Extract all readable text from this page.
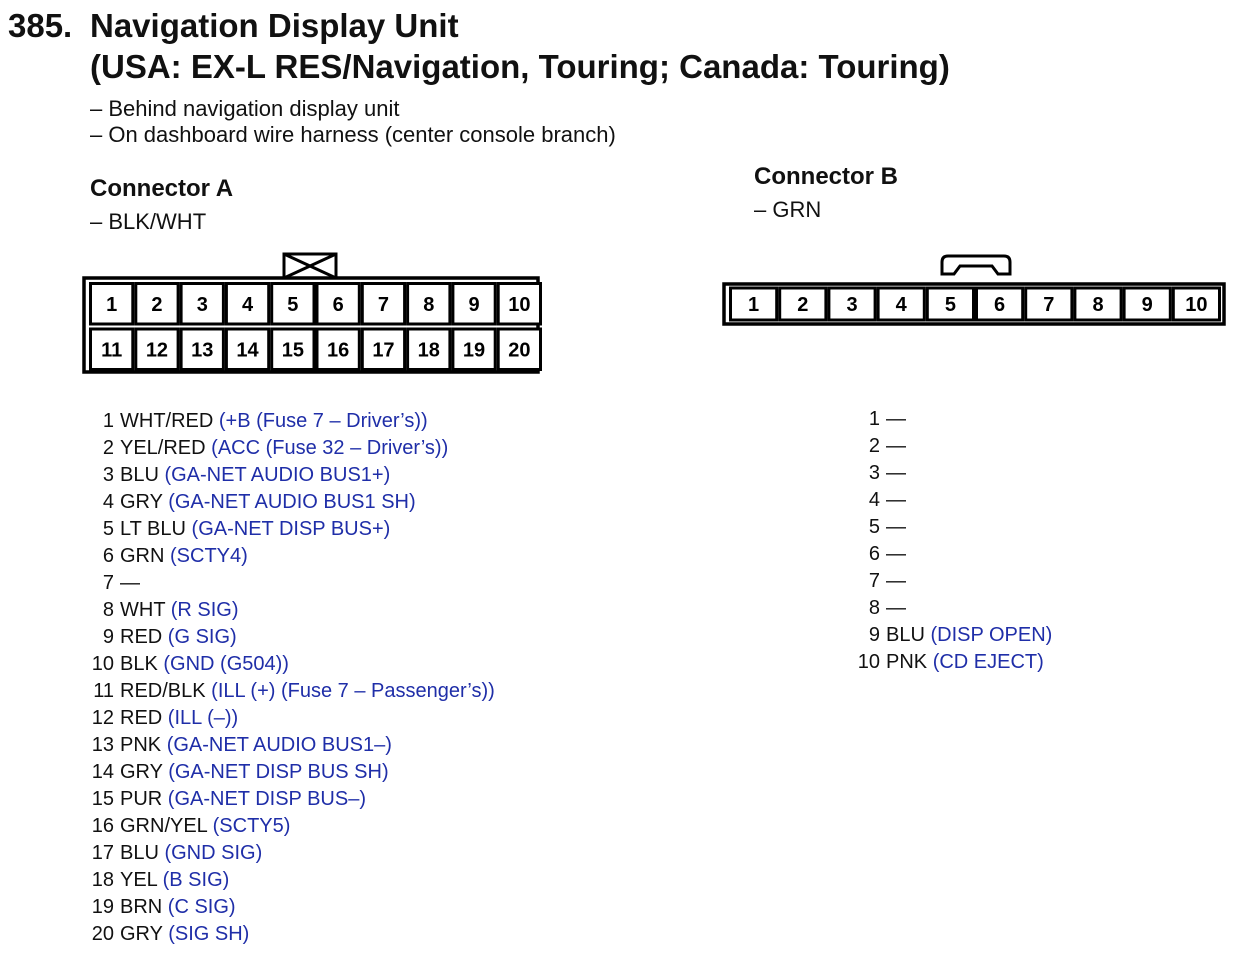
385. Navigation Display Unit
(USA: EX-L RES/Navigation, Touring; Canada: Touring)
– Behind navigation display unit
– On dashboard wire harness (center console branch)
Connector A
– BLK/WHT
Connector B
– GRN
1 2 3 4 5 6 7 8 9 10
11 12 13 14 15 16 17 18 19 20
1 2 3 4 5 6 7 8 9 10
1 WHT/RED (+B (Fuse 7 – Driver’s))
2 YEL/RED (ACC (Fuse 32 – Driver’s))
3 BLU (GA-NET AUDIO BUS1+)
4 GRY (GA-NET AUDIO BUS1 SH)
5 LT BLU (GA-NET DISP BUS+)
6 GRN (SCTY4)
7 —
8 WHT (R SIG)
9 RED (G SIG)
10 BLK (GND (G504))
11 RED/BLK (ILL (+) (Fuse 7 – Passenger’s))
12 RED (ILL (–))
13 PNK (GA-NET AUDIO BUS1–)
14 GRY (GA-NET DISP BUS SH)
15 PUR (GA-NET DISP BUS–)
16 GRN/YEL (SCTY5)
17 BLU (GND SIG)
18 YEL (B SIG)
19 BRN (C SIG)
20 GRY (SIG SH)
1 —
2 —
3 —
4 —
5 —
6 —
7 —
8 —
9 BLU (DISP OPEN)
10 PNK (CD EJECT)
